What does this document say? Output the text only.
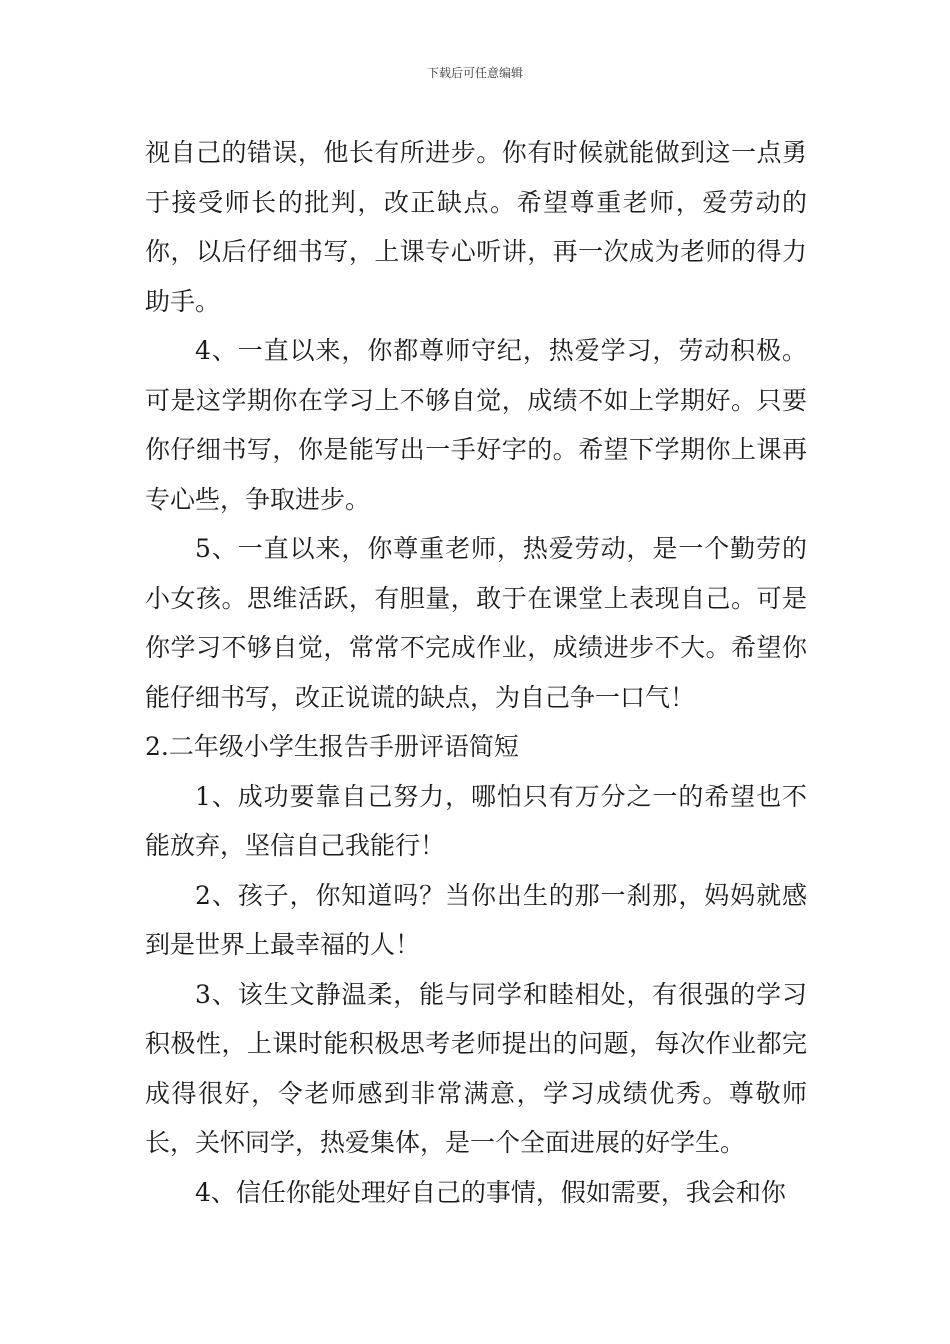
下载后可任意编辑

视自己的错误，他长有所进步。你有时候就能做到这一点勇于接受师长的批判，改正缺点。希望尊重老师，爱劳动的你，以后仔细书写，上课专心听讲，再一次成为老师的得力助手。

4、一直以来，你都尊师守纪，热爱学习，劳动积极。可是这学期你在学习上不够自觉，成绩不如上学期好。只要你仔细书写，你是能写出一手好字的。希望下学期你上课再专心些，争取进步。

5、一直以来，你尊重老师，热爱劳动，是一个勤劳的小女孩。思维活跃，有胆量，敢于在课堂上表现自己。可是你学习不够自觉，常常不完成作业，成绩进步不大。希望你能仔细书写，改正说谎的缺点，为自己争一口气！

2.二年级小学生报告手册评语简短

1、成功要靠自己努力，哪怕只有万分之一的希望也不能放弃，坚信自己我能行！

2、孩子，你知道吗？当你出生的那一刹那，妈妈就感到是世界上最幸福的人！

3、该生文静温柔，能与同学和睦相处，有很强的学习积极性，上课时能积极思考老师提出的问题，每次作业都完成得很好，令老师感到非常满意，学习成绩优秀。尊敬师长，关怀同学，热爱集体，是一个全面进展的好学生。

4、信任你能处理好自己的事情，假如需要，我会和你
